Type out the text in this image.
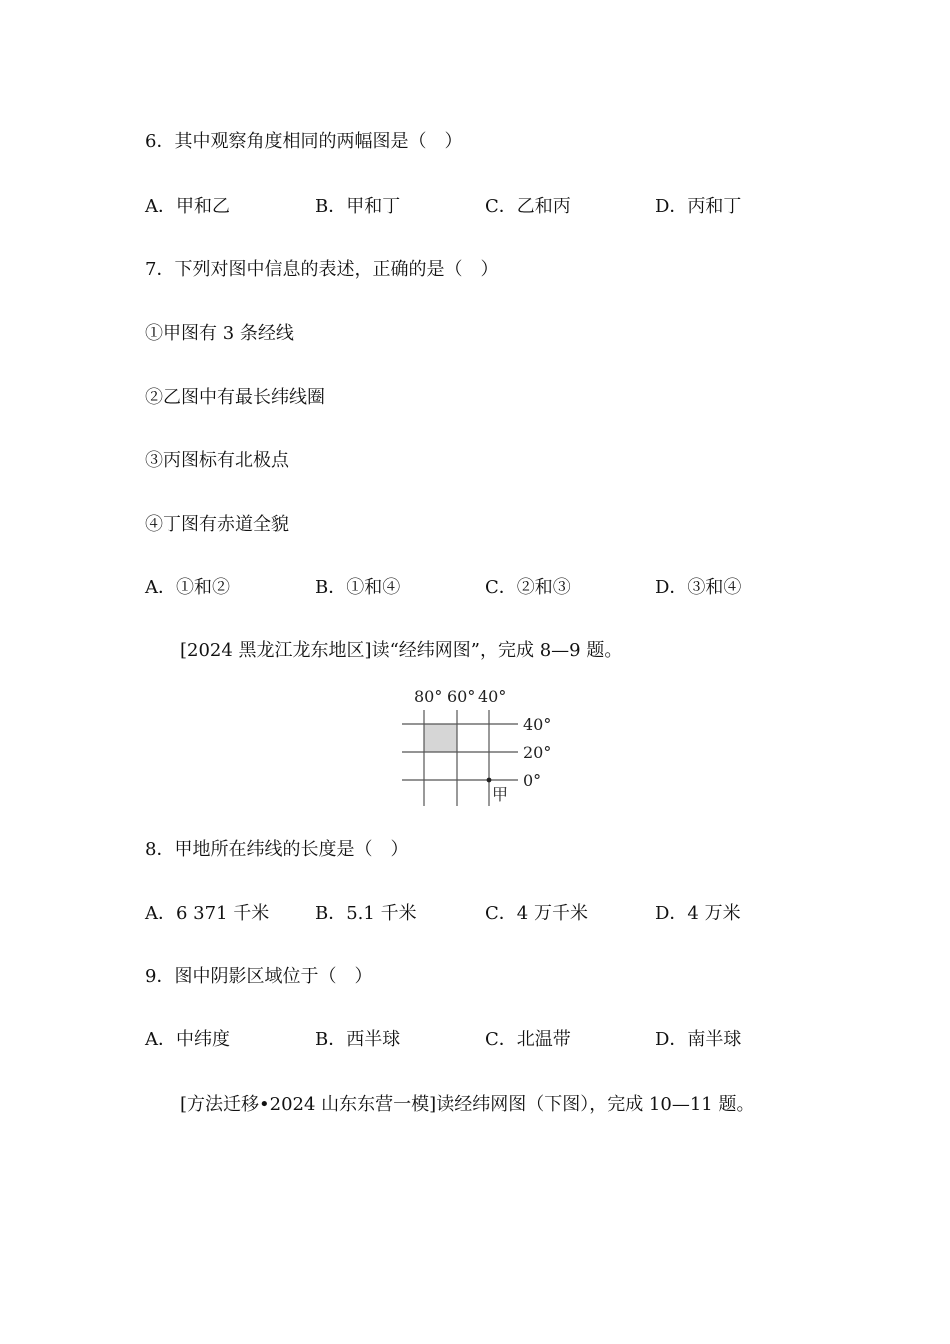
6．其中观察角度相同的两幅图是（　）
A．甲和乙	B．甲和丁	C．乙和丙	D．丙和丁
7．下列对图中信息的表述，正确的是（　）
①甲图有 3 条经线
②乙图中有最长纬线圈
③丙图标有北极点
④丁图有赤道全貌
A．①和②	B．①和④	C．②和③	D．③和④
[2024 黑龙江龙东地区]读“经纬网图”，完成 8—9 题。
80° 60° 40°
40°
20°
0°
甲
8．甲地所在纬线的长度是（　）
A．6 371 千米	B．5.1 千米	C．4 万千米	D．4 万米
9．图中阴影区域位于（　）
A．中纬度	B．西半球	C．北温带	D．南半球
[方法迁移•2024 山东东营一模]读经纬网图（下图），完成 10—11 题。
